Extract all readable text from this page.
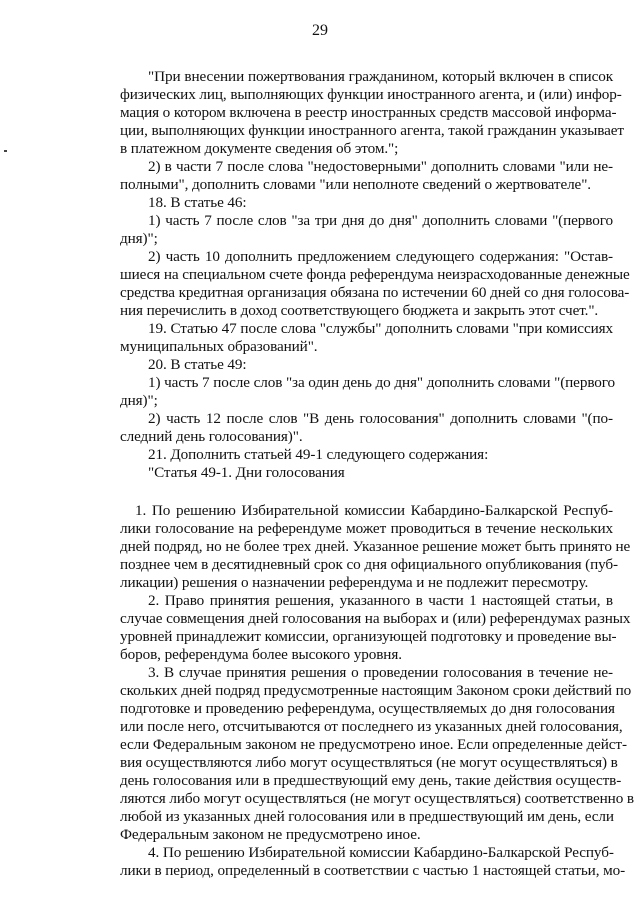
29
"При внесении пожертвования гражданином, который включен в список
физических лиц, выполняющих функции иностранного агента, и (или) инфор-
мация о котором включена в реестр иностранных средств массовой информа-
ции, выполняющих функции иностранного агента, такой гражданин указывает
в платежном документе сведения об этом.";
2) в части 7 после слова "недостоверными" дополнить словами "или не-
полными", дополнить словами "или неполноте сведений о жертвователе".
18. В статье 46:
1) часть 7 после слов "за три дня до дня" дополнить словами "(первого
дня)";
2) часть 10 дополнить предложением следующего содержания: "Остав-
шиеся на специальном счете фонда референдума неизрасходованные денежные
средства кредитная организация обязана по истечении 60 дней со дня голосова-
ния перечислить в доход соответствующего бюджета и закрыть этот счет.".
19. Статью 47 после слова "службы" дополнить словами "при комиссиях
муниципальных образований".
20. В статье 49:
1) часть 7 после слов "за один день до дня" дополнить словами "(первого
дня)";
2) часть 12 после слов "В день голосования" дополнить словами "(по-
следний день голосования)".
21. Дополнить статьей 49-1 следующего содержания:
"Статья 49-1. Дни голосования
1. По решению Избирательной комиссии Кабардино-Балкарской Респуб-
лики голосование на референдуме может проводиться в течение нескольких
дней подряд, но не более трех дней. Указанное решение может быть принято не
позднее чем в десятидневный срок со дня официального опубликования (пуб-
ликации) решения о назначении референдума и не подлежит пересмотру.
2. Право принятия решения, указанного в части 1 настоящей статьи, в
случае совмещения дней голосования на выборах и (или) референдумах разных
уровней принадлежит комиссии, организующей подготовку и проведение вы-
боров, референдума более высокого уровня.
3. В случае принятия решения о проведении голосования в течение не-
скольких дней подряд предусмотренные настоящим Законом сроки действий по
подготовке и проведению референдума, осуществляемых до дня голосования
или после него, отсчитываются от последнего из указанных дней голосования,
если Федеральным законом не предусмотрено иное. Если определенные дейст-
вия осуществляются либо могут осуществляться (не могут осуществляться) в
день голосования или в предшествующий ему день, такие действия осуществ-
ляются либо могут осуществляться (не могут осуществляться) соответственно в
любой из указанных дней голосования или в предшествующий им день, если
Федеральным законом не предусмотрено иное.
4. По решению Избирательной комиссии Кабардино-Балкарской Респуб-
лики в период, определенный в соответствии с частью 1 настоящей статьи, мо-
